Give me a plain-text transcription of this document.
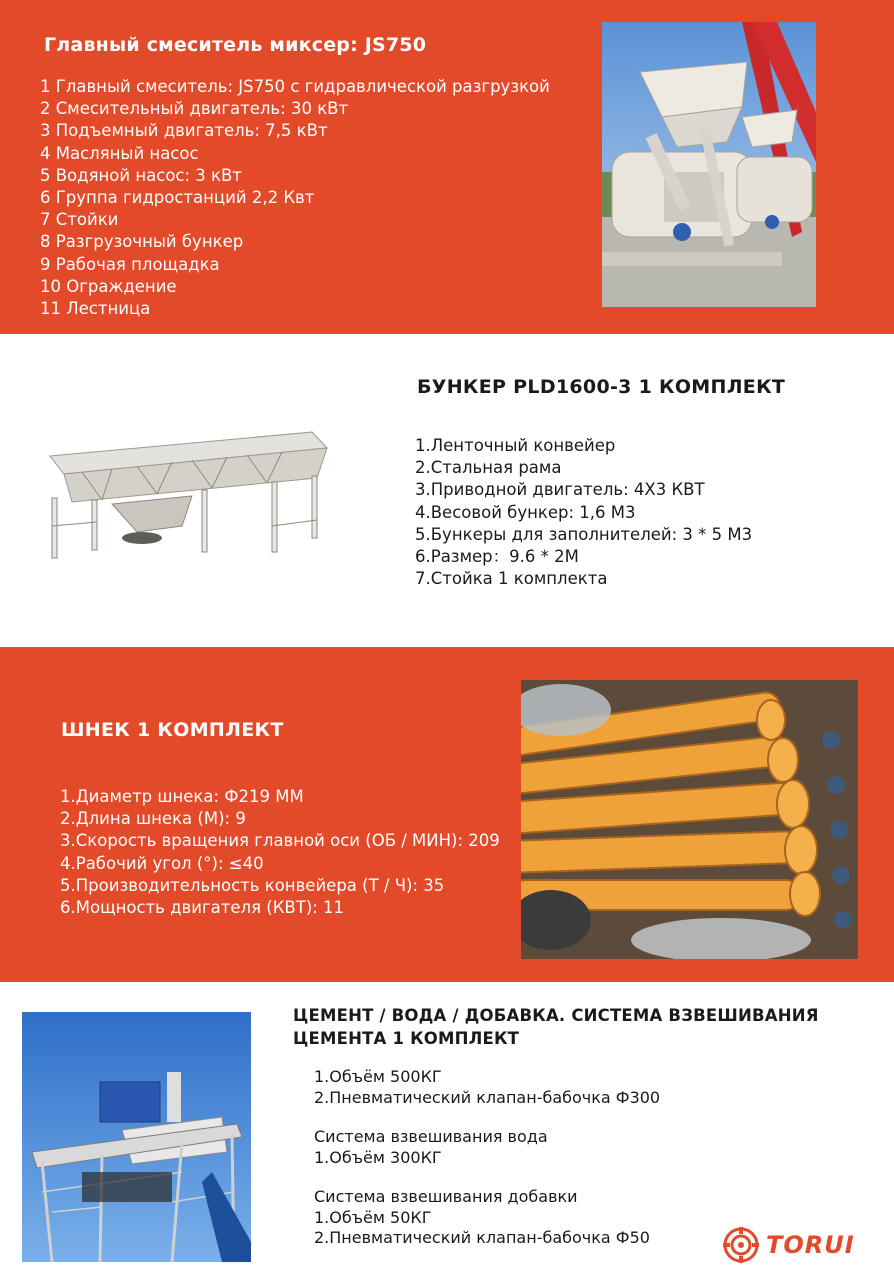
Главный смеситель миксер: JS750
1 Главный смеситель: JS750 с гидравлической разгрузкой
2 Смесительный двигатель: 30 кВт
3 Подъемный двигатель: 7,5 кВт
4 Масляный насос
5 Водяной насос: 3 кВт
6 Группа гидростанций 2,2 Квт
7 Стойки
8 Разгрузочный бункер
9 Рабочая площадка
10 Ограждение
11 Лестница
БУНКЕР PLD1600-3 1 КОМПЛЕКТ
1.Ленточный конвейер
2.Стальная рама
3.Приводной двигатель: 4X3 КВТ
4.Весовой бункер: 1,6 М3
5.Бункеры для заполнителей: 3 * 5 М3
6.Размер：9.6 * 2М
7.Стойка 1 комплекта
ШНЕК 1 КОМПЛЕКТ
1.Диаметр шнека: Ф219 ММ
2.Длина шнека (М): 9
3.Скорость вращения главной оси (ОБ / МИН): 209
4.Рабочий угол (°): ≤40
5.Производительность конвейера (Т / Ч): 35
6.Мощность двигателя (КВТ): 11
ЦЕМЕНТ / ВОДА / ДОБАВКА. СИСТЕМА ВЗВЕШИВАНИЯ
ЦЕМЕНТА 1 КОМПЛЕКТ
1.Объём 500КГ
2.Пневматический клапан-бабочка Ф300
Система взвешивания вода
1.Объём 300КГ
Система взвешивания добавки
1.Объём 50КГ
2.Пневматический клапан-бабочка Ф50	TORUI
